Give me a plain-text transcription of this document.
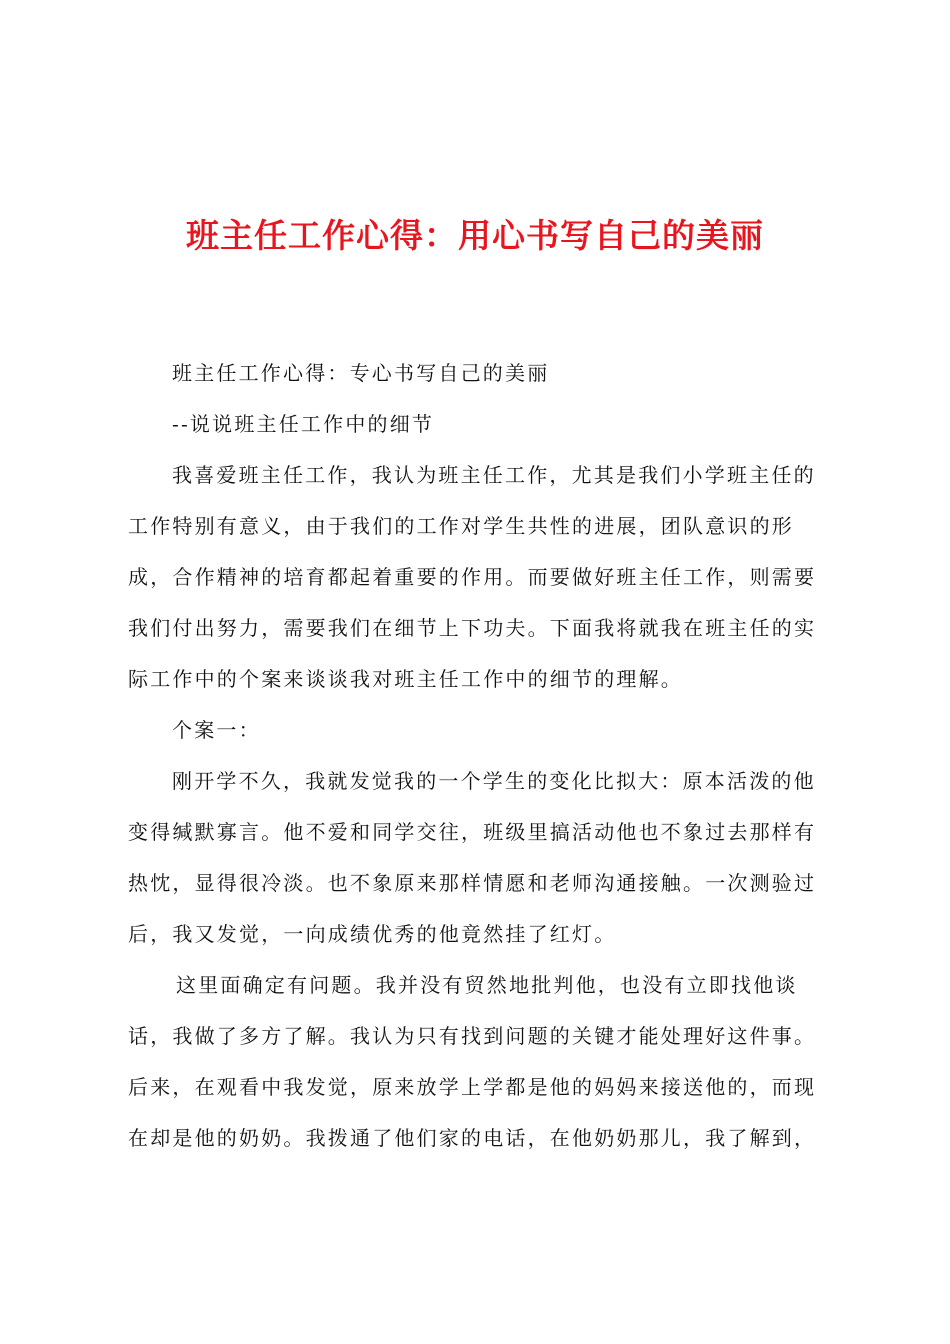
班主任工作心得：用心书写自己的美丽
班主任工作心得：专心书写自己的美丽
--说说班主任工作中的细节
我喜爱班主任工作，我认为班主任工作，尤其是我们小学班主任的
工作特别有意义，由于我们的工作对学生共性的进展，团队意识的形
成，合作精神的培育都起着重要的作用。而要做好班主任工作，则需要
我们付出努力，需要我们在细节上下功夫。下面我将就我在班主任的实
际工作中的个案来谈谈我对班主任工作中的细节的理解。
个案一：
刚开学不久，我就发觉我的一个学生的变化比拟大：原本活泼的他
变得缄默寡言。他不爱和同学交往，班级里搞活动他也不象过去那样有
热忱，显得很冷淡。也不象原来那样情愿和老师沟通接触。一次测验过
后，我又发觉，一向成绩优秀的他竟然挂了红灯。
这里面确定有问题。我并没有贸然地批判他，也没有立即找他谈
话，我做了多方了解。我认为只有找到问题的关键才能处理好这件事。
后来，在观看中我发觉，原来放学上学都是他的妈妈来接送他的，而现
在却是他的奶奶。我拨通了他们家的电话，在他奶奶那儿，我了解到，
